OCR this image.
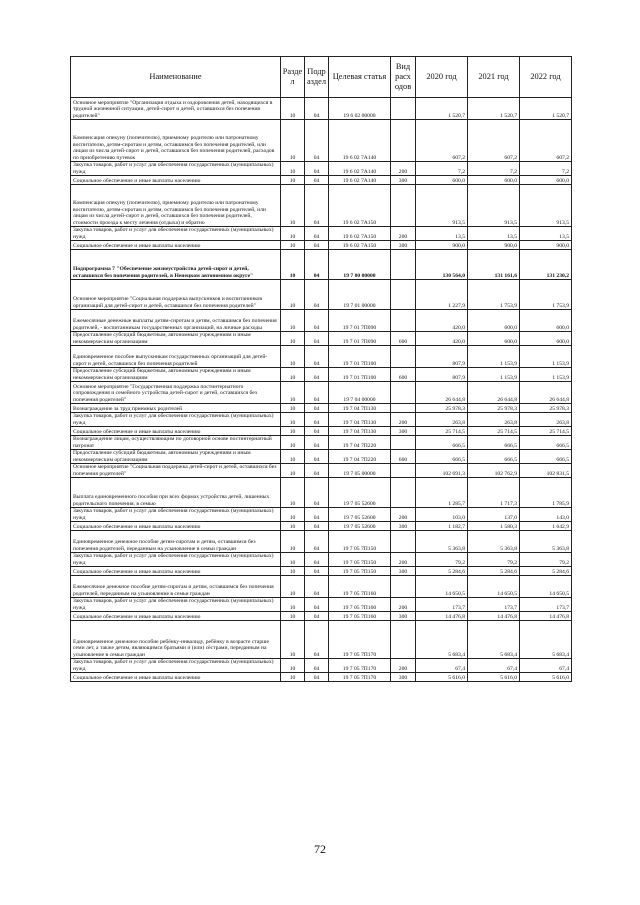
Наименование	Разде л	Подр аздел	Целевая статья	Вид расх одов	2020 год	2021 год	2022 год
Основное мероприятие "Организация отдыха и оздоровления детей, находящихся в трудной жизненной ситуации, детей-сирот и детей, оставшихся без попечения родителей"	10	04	19 6 02 00000		1 520,7	1 520,7	1 520,7
Компенсация опекуну (попечителю), приемному родителю или патронатному воспитателю, детям-сиротам и детям, оставшимся без попечения родителей, или лицам из числа детей-сирот и детей, оставшихся без попечения родителей, расходов по приобретению путевок	10	04	19 6 02 7А140		607,2	607,2	607,2
Закупка товаров, работ и услуг для обеспечения государственных (муниципальных) нужд	10	04	19 6 02 7А140	200	7,2	7,2	7,2
Социальное обеспечение и иные выплаты населению	10	04	19 6 02 7А140	300	600,0	600,0	600,0
Компенсация опекуну (попечителю), приемному родителю или патронатному воспитателю, детям-сиротам и детям, оставшимся без попечения родителей, или лицам из числа детей-сирот и детей, оставшихся без попечения родителей, стоимости проезда к месту лечения (отдыха) и обратно	10	04	19 6 02 7А150		913,5	913,5	913,5
Закупка товаров, работ и услуг для обеспечения государственных (муниципальных) нужд	10	04	19 6 02 7А150	200	13,5	13,5	13,5
Социальное обеспечение и иные выплаты населению	10	04	19 6 02 7А150	300	900,0	900,0	900,0
Подпрограмма 7 "Обеспечение жизнеустройства детей-сирот и детей, оставшихся без попечения родителей, в Ненецком автономном округе"	10	04	19 7 00 00000		130 564,0	131 161,6	131 230,2
Основное мероприятие "Социальная поддержка выпускников и воспитанников организаций для детей-сирот и детей, оставшихся без попечения родителей"	10	04	19 7 01 00000		1 227,9	1 753,9	1 753,9
Ежемесячные денежные выплаты детям-сиротам и детям, оставшимся без попечения родителей, - воспитанникам государственных организаций, на личные расходы	10	04	19 7 01 7П090		420,0	600,0	600,0
Предоставление субсидий бюджетным, автономным учреждениям и иным некоммерческим организациям	10	04	19 7 01 7П090	600	420,0	600,0	600,0
Единовременное пособие выпускникам государственных организаций для детей-сирот и детей, оставшихся без попечения родителей	10	04	19 7 01 7П100		807,9	1 153,9	1 153,9
Предоставление субсидий бюджетным, автономным учреждениям и иным некоммерческим организациям	10	04	19 7 01 7П100	600	807,9	1 153,9	1 153,9
Основное мероприятие "Государственная поддержка постинтернатного сопровождения и семейного устройства детей-сирот и детей, оставшихся без попечения родителей"	10	04	19 7 04 00000		26 644,8	26 644,8	26 644,8
Вознаграждение за труд приемных родителей	10	04	19 7 04 7П130		25 978,3	25 978,3	25 978,3
Закупка товаров, работ и услуг для обеспечения государственных (муниципальных) нужд	10	04	19 7 04 7П130	200	263,8	263,8	263,8
Социальное обеспечение и иные выплаты населению	10	04	19 7 04 7П130	300	25 714,5	25 714,5	25 714,5
Вознаграждение лицам, осуществляющим по договорной основе постинтернатный патронат	10	04	19 7 04 7П220		666,5	666,5	666,5
Предоставление субсидий бюджетным, автономным учреждениям и иным некоммерческим организациям	10	04	19 7 04 7П220	600	666,5	666,5	666,5
Основное мероприятие "Социальная поддержка детей-сирот и детей, оставшихся без попечения родителей"	10	04	19 7 05 00000		102 691,3	102 762,9	102 831,5
Выплата единовременного пособия при всех формах устройства детей, лишенных родительского попечения, в семью	10	04	19 7 05 52600		1 285,7	1 717,3	1 785,9
Закупка товаров, работ и услуг для обеспечения государственных (муниципальных) нужд	10	04	19 7 05 52600	200	103,0	137,0	143,0
Социальное обеспечение и иные выплаты населению	10	04	19 7 05 52600	300	1 182,7	1 580,3	1 642,9
Единовременное денежное пособие детям-сиротам и детям, оставшимся без попечения родителей, переданным на усыновление в семьи граждан	10	04	19 7 05 7П150		5 363,8	5 363,8	5 363,8
Закупка товаров, работ и услуг для обеспечения государственных (муниципальных) нужд	10	04	19 7 05 7П150	200	79,2	79,2	79,2
Социальное обеспечение и иные выплаты населению	10	04	19 7 05 7П150	300	5 284,6	5 284,6	5 284,6
Ежемесячное денежное пособие детям-сиротам и детям, оставшимся без попечения родителей, переданным на усыновление в семьи граждан	10	04	19 7 05 7П160		14 650,5	14 650,5	14 650,5
Закупка товаров, работ и услуг для обеспечения государственных (муниципальных) нужд	10	04	19 7 05 7П160	200	173,7	173,7	173,7
Социальное обеспечение и иные выплаты населению	10	04	19 7 05 7П160	300	14 476,8	14 476,8	14 476,8
Единовременное денежное пособие ребёнку-инвалиду, ребёнку в возрасте старше семи лет, а также детям, являющимся братьями и (или) сёстрами, переданным на усыновление в семьи граждан	10	04	19 7 05 7П170		5 683,4	5 683,4	5 683,4
Закупка товаров, работ и услуг для обеспечения государственных (муниципальных) нужд	10	04	19 7 05 7П170	200	67,4	67,4	67,4
Социальное обеспечение и иные выплаты населению	10	04	19 7 05 7П170	300	5 616,0	5 616,0	5 616,0
72
